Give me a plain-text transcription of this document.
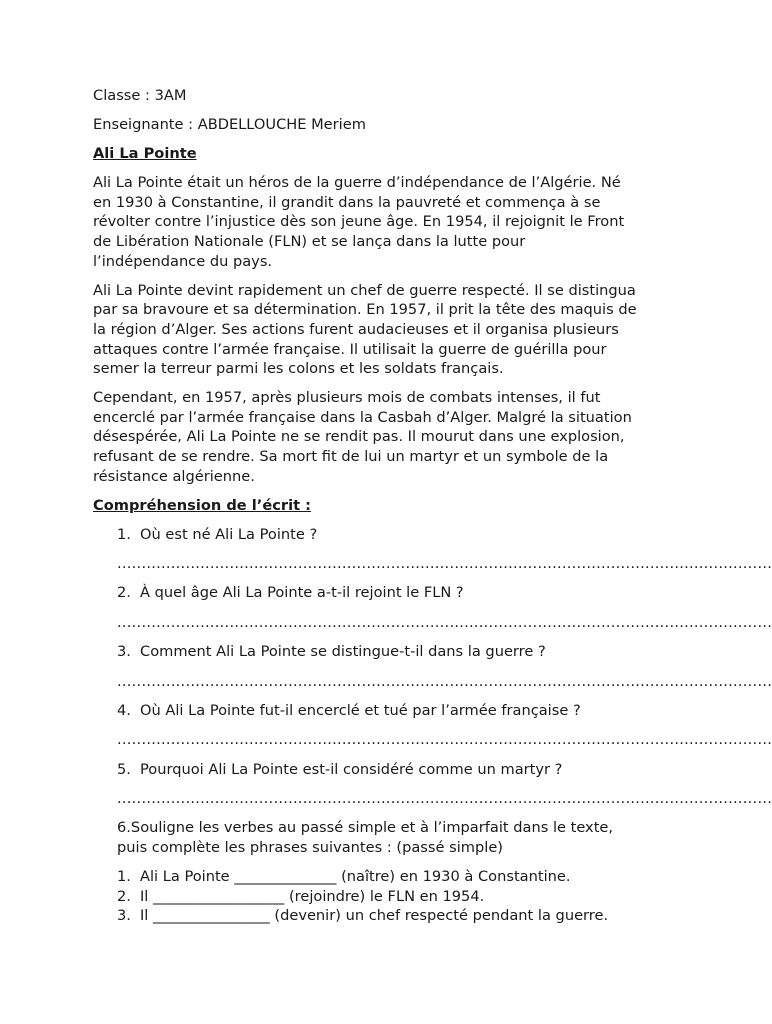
Classe : 3AM

Enseignante : ABDELLOUCHE Meriem

Ali La Pointe

Ali La Pointe était un héros de la guerre d’indépendance de l’Algérie. Né
en 1930 à Constantine, il grandit dans la pauvreté et commença à se
révolter contre l’injustice dès son jeune âge. En 1954, il rejoignit le Front
de Libération Nationale (FLN) et se lança dans la lutte pour
l’indépendance du pays.
Ali La Pointe devint rapidement un chef de guerre respecté. Il se distingua
par sa bravoure et sa détermination. En 1957, il prit la tête des maquis de
la région d’Alger. Ses actions furent audacieuses et il organisa plusieurs
attaques contre l’armée française. Il utilisait la guerre de guérilla pour
semer la terreur parmi les colons et les soldats français.
Cependant, en 1957, après plusieurs mois de combats intenses, il fut
encerclé par l’armée française dans la Casbah d’Alger. Malgré la situation
désespérée, Ali La Pointe ne se rendit pas. Il mourut dans une explosion,
refusant de se rendre. Sa mort fit de lui un martyr et un symbole de la
résistance algérienne.

Compréhension de l’écrit :

1. Où est né Ali La Pointe ?
......................................................................................................................................
2. À quel âge Ali La Pointe a-t-il rejoint le FLN ?
......................................................................................................................................
3. Comment Ali La Pointe se distingue-t-il dans la guerre ?
......................................................................................................................................
4. Où Ali La Pointe fut-il encerclé et tué par l’armée française ?
......................................................................................................................................
5. Pourquoi Ali La Pointe est-il considéré comme un martyr ?
......................................................................................................................................
6.Souligne les verbes au passé simple et à l’imparfait dans le texte,
puis complète les phrases suivantes : (passé simple)
1. Ali La Pointe ______________ (naître) en 1930 à Constantine.
2. Il __________________ (rejoindre) le FLN en 1954.
3. Il ________________ (devenir) un chef respecté pendant la guerre.
